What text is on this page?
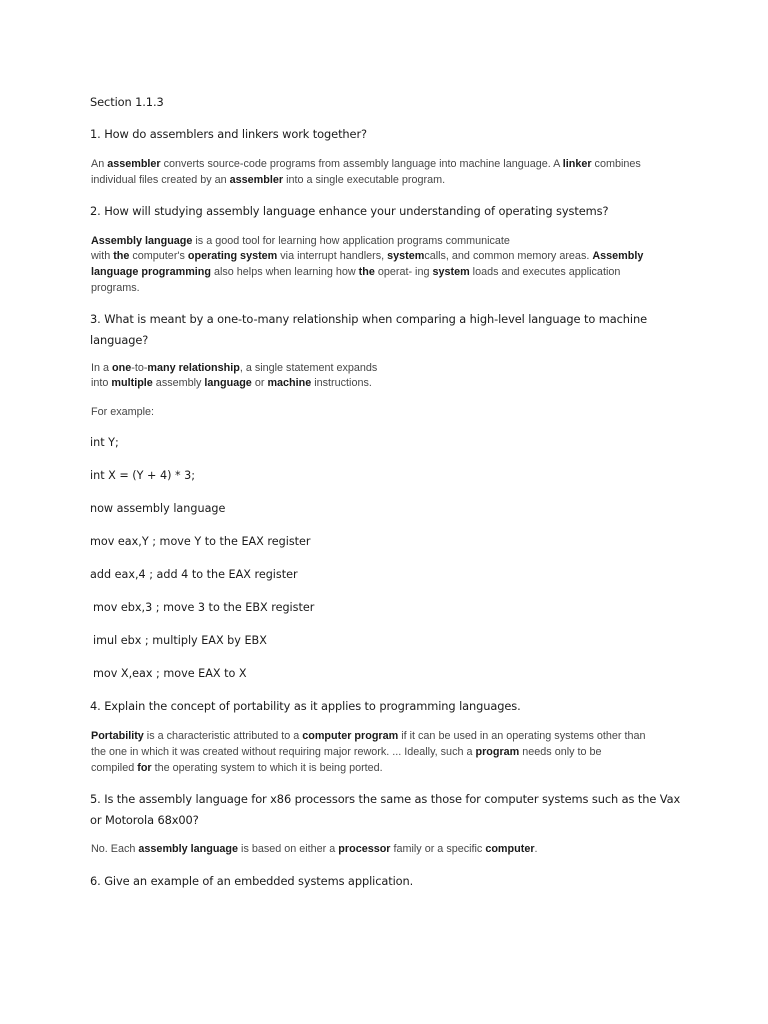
Section 1.1.3
1. How do assemblers and linkers work together?
An assembler converts source-code programs from assembly language into machine language. A linker combines
individual files created by an assembler into a single executable program.
2. How will studying assembly language enhance your understanding of operating systems?
Assembly language is a good tool for learning how application programs communicate
with the computer's operating system via interrupt handlers, systemcalls, and common memory areas. Assembly
language programming also helps when learning how the operat- ing system loads and executes application
programs.
3. What is meant by a one-to-many relationship when comparing a high-level language to machine
language?
In a one-to-many relationship, a single statement expands
into multiple assembly language or machine instructions.
For example:
int Y;
int X = (Y + 4) * 3;
now assembly language
mov eax,Y ; move Y to the EAX register
add eax,4 ; add 4 to the EAX register
mov ebx,3 ; move 3 to the EBX register
imul ebx ; multiply EAX by EBX
mov X,eax ; move EAX to X
4. Explain the concept of portability as it applies to programming languages.
Portability is a characteristic attributed to a computer program if it can be used in an operating systems other than
the one in which it was created without requiring major rework. ... Ideally, such a program needs only to be
compiled for the operating system to which it is being ported.
5. Is the assembly language for x86 processors the same as those for computer systems such as the Vax
or Motorola 68x00?
No. Each assembly language is based on either a processor family or a specific computer.
6. Give an example of an embedded systems application.
